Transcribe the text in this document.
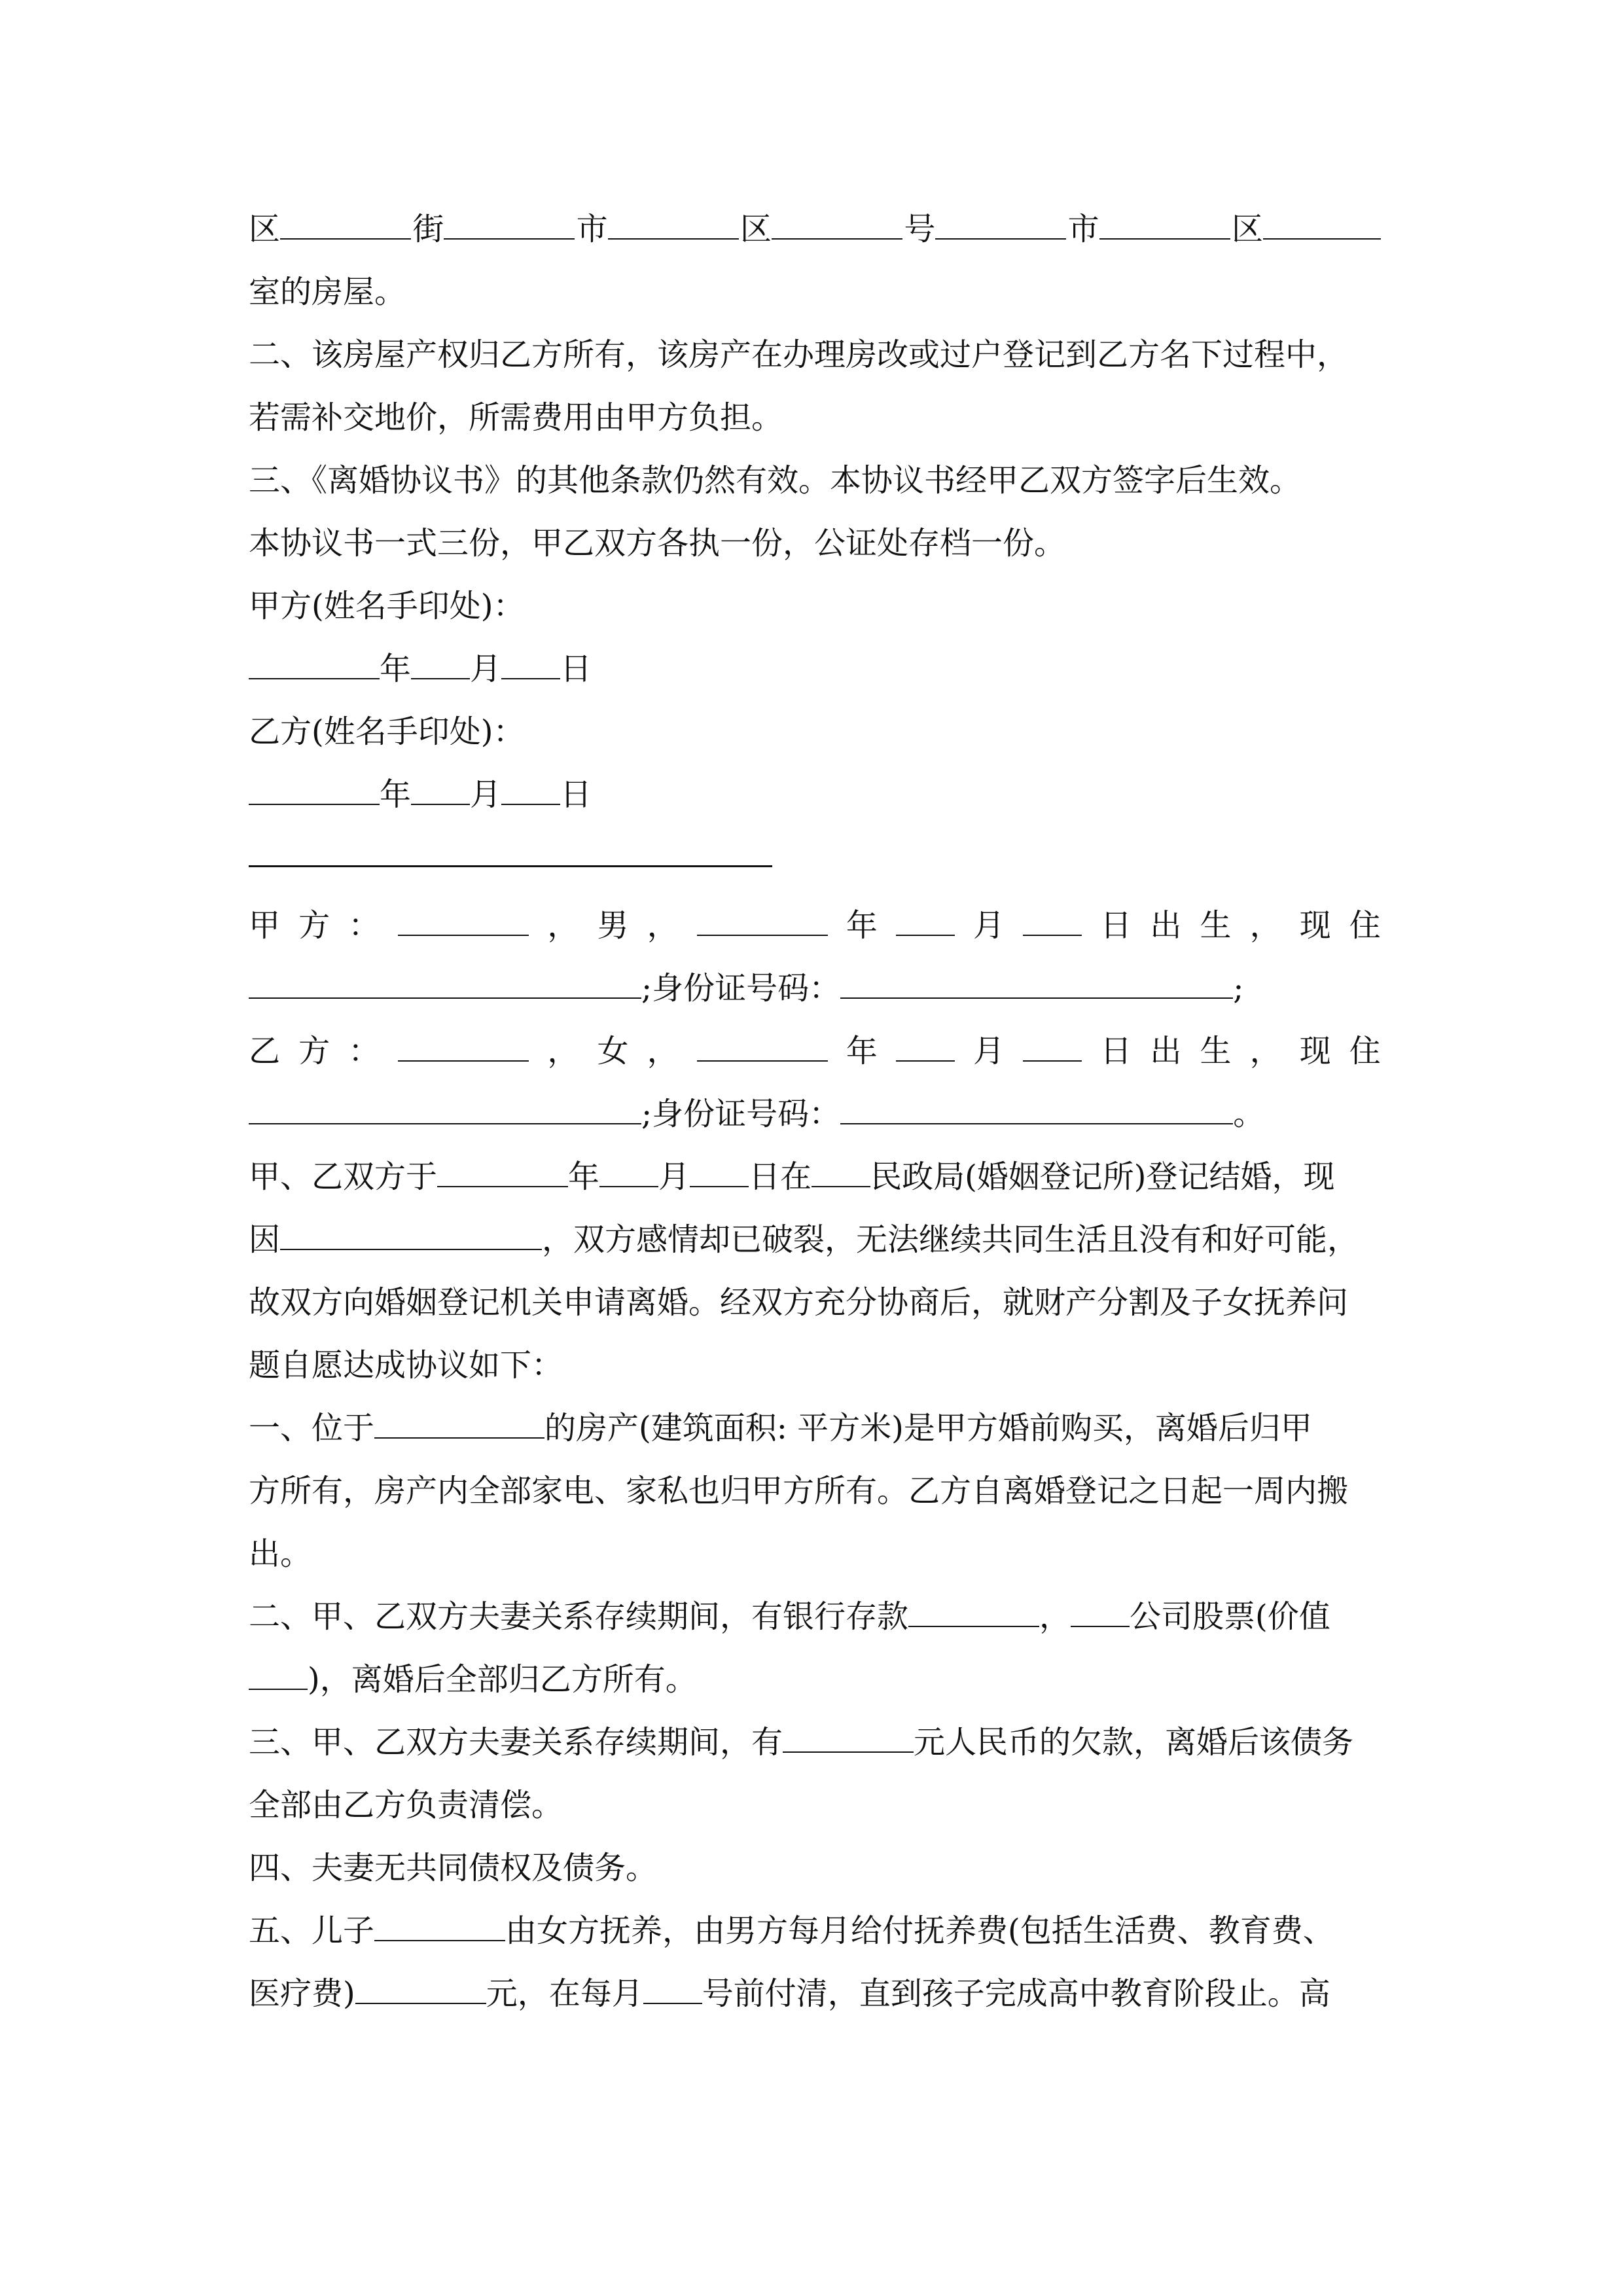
区	街	市	区	号	市	区
室的房屋。
二、该房屋产权归乙方所有，该房产在办理房改或过户登记到乙方名下过程中，
若需补交地价，所需费用由甲方负担。
三、《离婚协议书》的其他条款仍然有效。本协议书经甲乙双方签字后生效。
本协议书一式三份，甲乙双方各执一份，公证处存档一份。
甲方(姓名手印处)：
年 月 日
乙方(姓名手印处)：
年 月 日
甲 方 ：	， 男 ，	年	月	日 出 生 ， 现 住
;身份证号码：	;
乙 方 ：	， 女 ，	年	月	日 出 生 ， 现 住
;身份证号码：	。
甲、乙双方于	年 月 日在 民政局(婚姻登记所)登记结婚，现
因	，双方感情却已破裂，无法继续共同生活且没有和好可能，
故双方向婚姻登记机关申请离婚。经双方充分协商后，就财产分割及子女抚养问
题自愿达成协议如下：
一、位于	的房产(建筑面积: 平方米)是甲方婚前购买，离婚后归甲
方所有，房产内全部家电、家私也归甲方所有。乙方自离婚登记之日起一周内搬
出。
二、甲、乙双方夫妻关系存续期间，有银行存款	， 公司股票(价值
)，离婚后全部归乙方所有。
三、甲、乙双方夫妻关系存续期间，有	元人民币的欠款，离婚后该债务
全部由乙方负责清偿。
四、夫妻无共同债权及债务。
五、儿子	由女方抚养，由男方每月给付抚养费(包括生活费、教育费、
医疗费)	元，在每月 号前付清，直到孩子完成高中教育阶段止。高
